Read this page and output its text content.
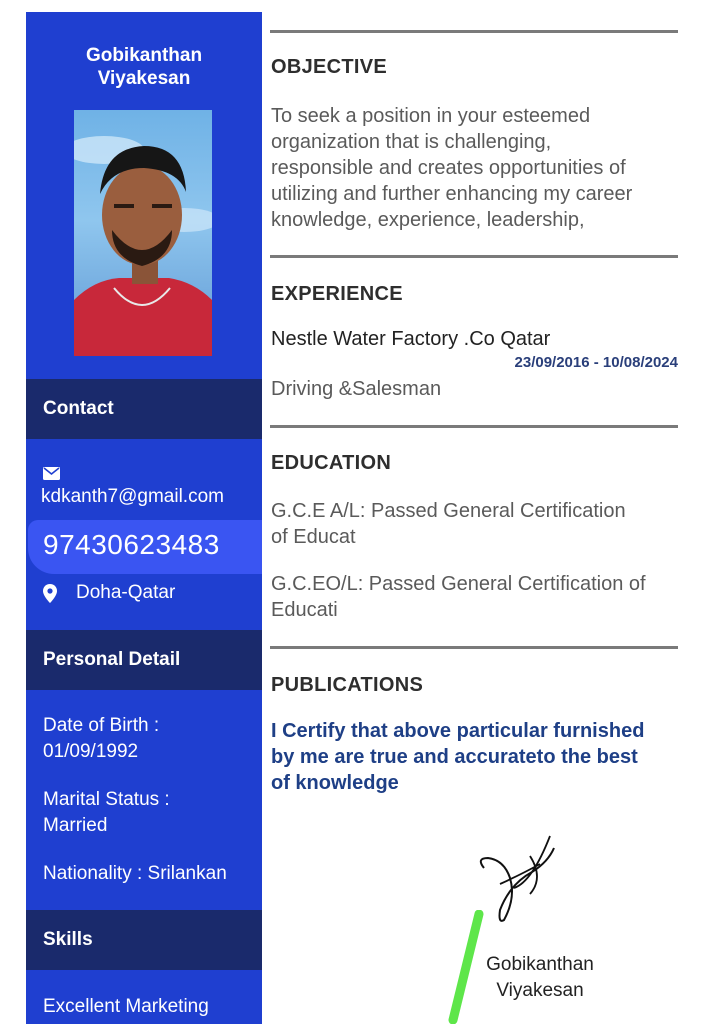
Gobikanthan
Viyakesan
Contact
kdkanth7@gmail.com
97430623483
Doha-Qatar
Personal Detail
Date of Birth :
01/09/1992
Marital Status :
Married
Nationality : Srilankan
Skills
Excellent Marketing
OBJECTIVE
To seek a position in your esteemed
organization that is challenging,
responsible and creates opportunities of
utilizing and further enhancing my career
knowledge, experience, leadership,
EXPERIENCE
Nestle Water Factory .Co Qatar
23/09/2016 - 10/08/2024
Driving &Salesman
EDUCATION
G.C.E A/L: Passed General Certification
of Educat
G.C.EO/L: Passed General Certification of
Educati
PUBLICATIONS
I Certify that above particular furnished
by me are true and accurateto the best
of knowledge
Gobikanthan
Viyakesan
